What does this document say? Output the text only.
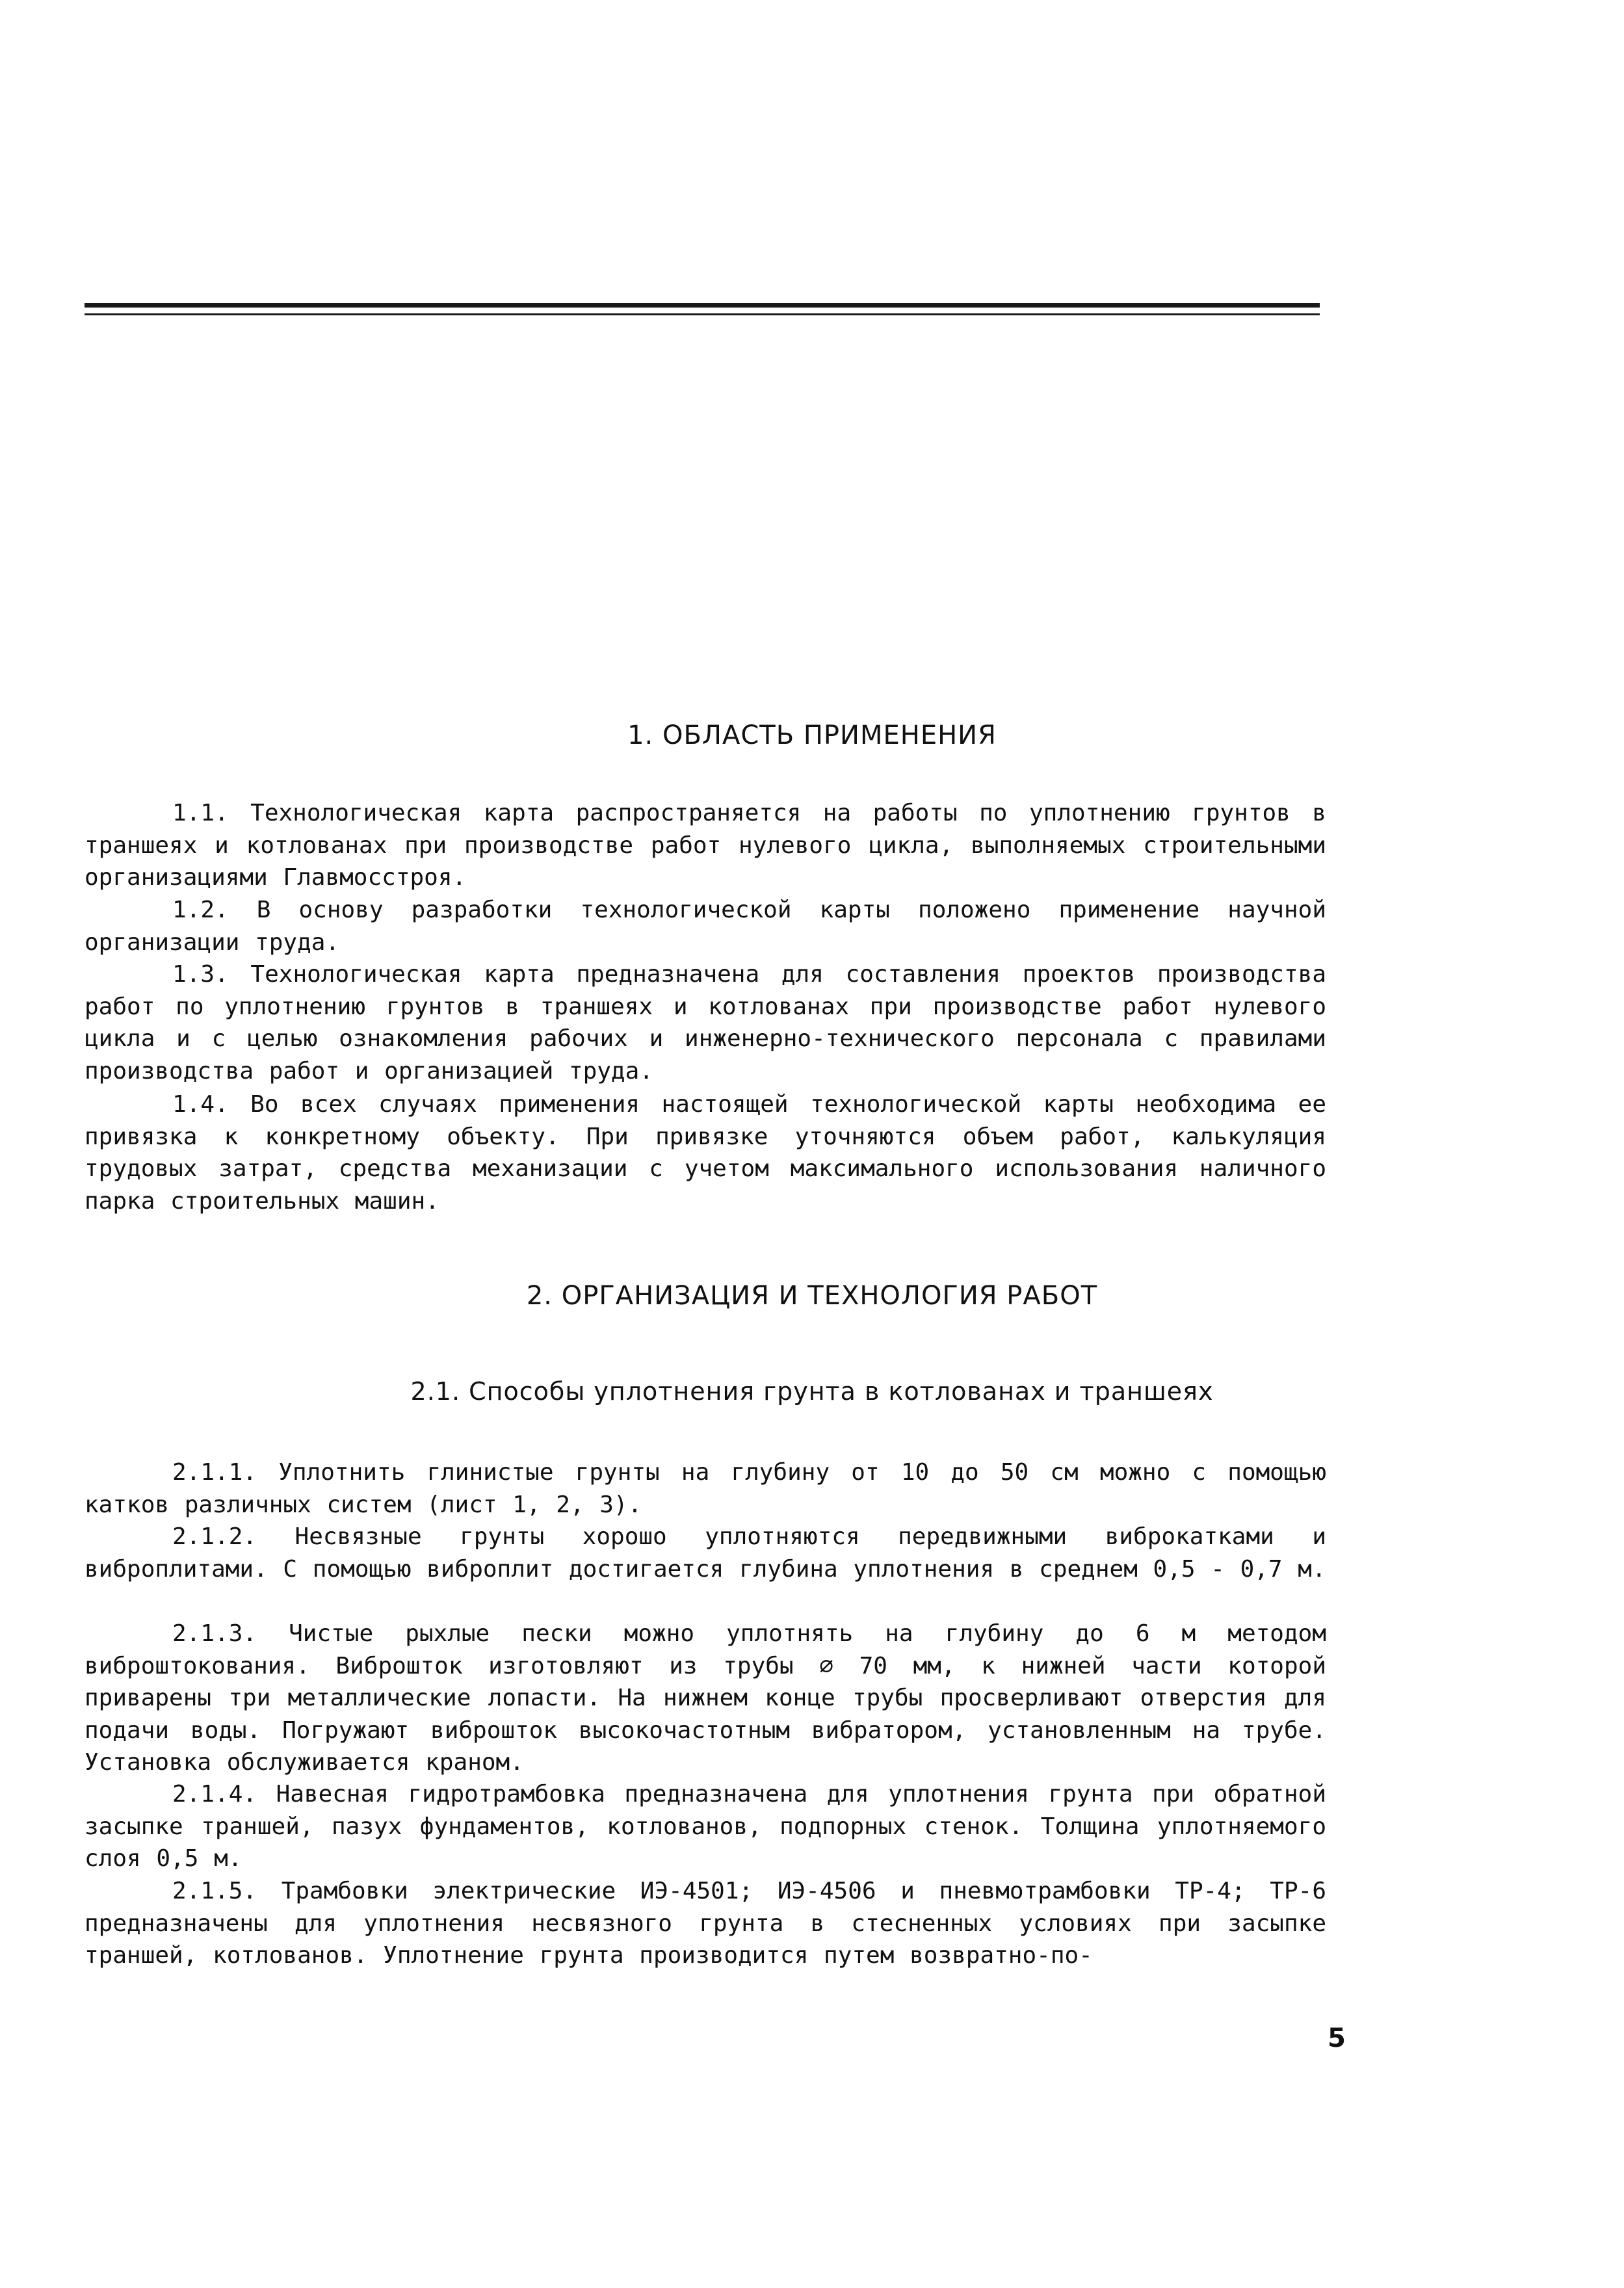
1. ОБЛАСТЬ ПРИМЕНЕНИЯ

1.1. Технологическая карта распространяется на работы по уплотнению грунтов в траншеях и котлованах при производстве работ нулевого цикла, выполняемых строительными организациями Главмосстроя.

1.2. В основу разработки технологической карты положено применение научной организации труда.

1.3. Технологическая карта предназначена для составления проектов производства работ по уплотнению грунтов в траншеях и котлованах при производстве работ нулевого цикла и с целью ознакомления рабочих и инженерно-технического персонала с правилами производства работ и организацией труда.

1.4. Во всех случаях применения настоящей технологической карты необходима ее привязка к конкретному объекту. При привязке уточняются объем работ, калькуляция трудовых затрат, средства механизации с учетом максимального использования наличного парка строительных машин.

2. ОРГАНИЗАЦИЯ И ТЕХНОЛОГИЯ РАБОТ
2.1. Способы уплотнения грунта в котлованах и траншеях

2.1.1. Уплотнить глинистые грунты на глубину от 10 до 50 см можно с помощью катков различных систем (лист 1, 2, 3).

2.1.2. Несвязные грунты хорошо уплотняются передвижными виброкатками и виброплитами. С помощью виброплит достигается глубина уплотнения в среднем 0,5 - 0,7 м.

2.1.3. Чистые рыхлые пески можно уплотнять на глубину до 6 м методом виброштокования. Виброшток изготовляют из трубы ⌀ 70 мм, к нижней части которой приварены три металлические лопасти. На нижнем конце трубы просверливают отверстия для подачи воды. Погружают виброшток высокочастотным вибратором, установленным на трубе. Установка обслуживается краном.

2.1.4. Навесная гидротрамбовка предназначена для уплотнения грунта при обратной засыпке траншей, пазух фундаментов, котлованов, подпорных стенок. Толщина уплотняемого слоя 0,5 м.

2.1.5. Трамбовки электрические ИЭ-4501; ИЭ-4506 и пневмотрамбовки ТР-4; ТР-6 предназначены для уплотнения несвязного грунта в стесненных условиях при засыпке траншей, котлованов. Уплотнение грунта производится путем возвратно-по-

5
